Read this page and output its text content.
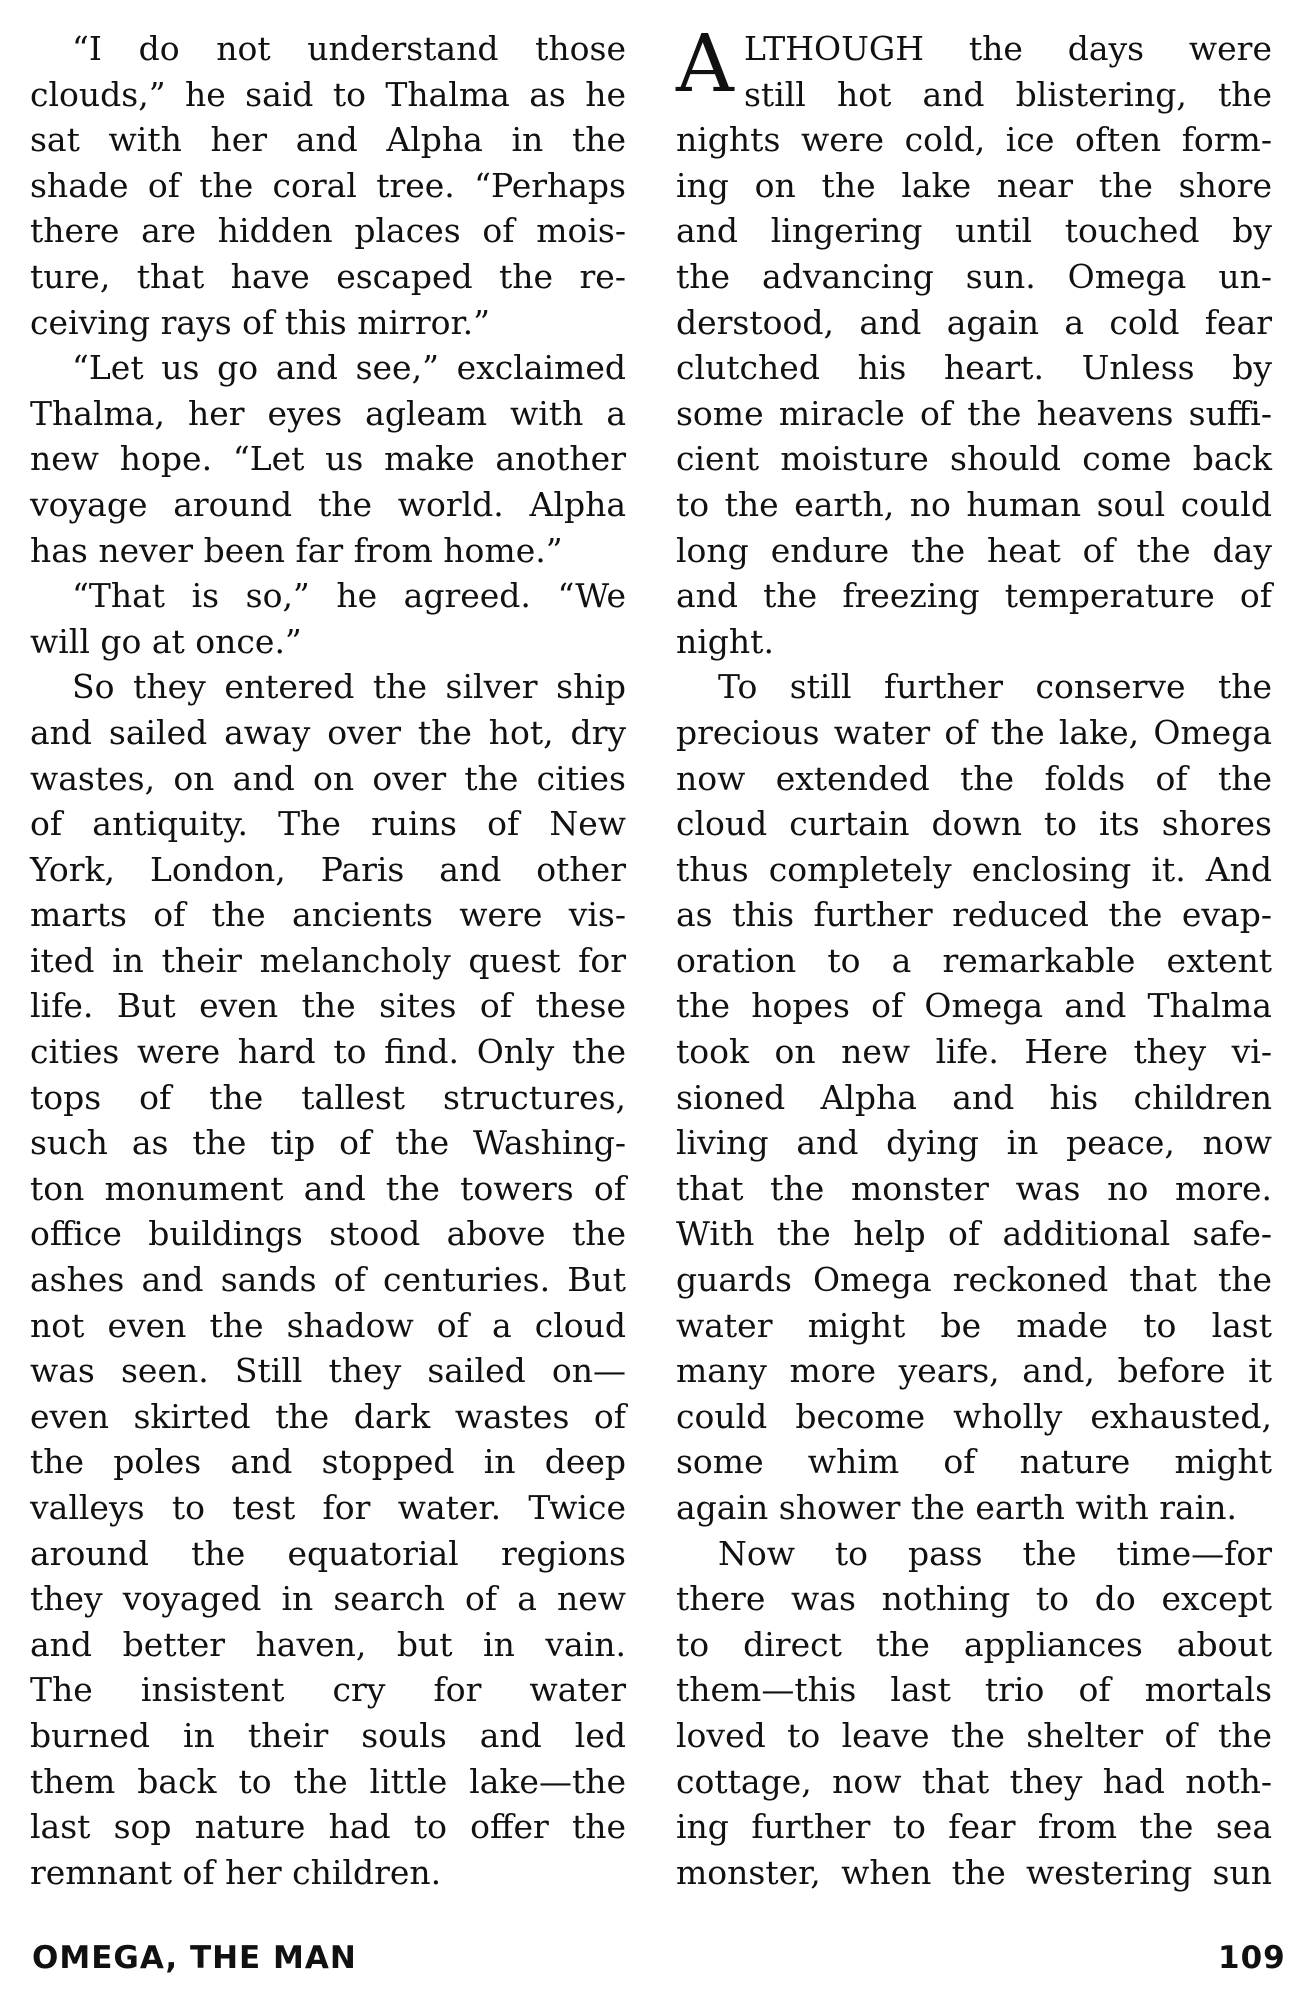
“I do not understand those
clouds,” he said to Thalma as he
sat with her and Alpha in the
shade of the coral tree. “Perhaps
there are hidden places of mois-
ture, that have escaped the re-
ceiving rays of this mirror.”
“Let us go and see,” exclaimed
Thalma, her eyes agleam with a
new hope. “Let us make another
voyage around the world. Alpha
has never been far from home.”
“That is so,” he agreed. “We
will go at once.”
So they entered the silver ship
and sailed away over the hot, dry
wastes, on and on over the cities
of antiquity. The ruins of New
York, London, Paris and other
marts of the ancients were vis-
ited in their melancholy quest for
life. But even the sites of these
cities were hard to find. Only the
tops of the tallest structures,
such as the tip of the Washing-
ton monument and the towers of
office buildings stood above the
ashes and sands of centuries. But
not even the shadow of a cloud
was seen. Still they sailed on—
even skirted the dark wastes of
the poles and stopped in deep
valleys to test for water. Twice
around the equatorial regions
they voyaged in search of a new
and better haven, but in vain.
The insistent cry for water
burned in their souls and led
them back to the little lake—the
last sop nature had to offer the
remnant of her children.
A LTHOUGH the days were
still hot and blistering, the
nights were cold, ice often form-
ing on the lake near the shore
and lingering until touched by
the advancing sun. Omega un-
derstood, and again a cold fear
clutched his heart. Unless by
some miracle of the heavens suffi-
cient moisture should come back
to the earth, no human soul could
long endure the heat of the day
and the freezing temperature of
night.
To still further conserve the
precious water of the lake, Omega
now extended the folds of the
cloud curtain down to its shores
thus completely enclosing it. And
as this further reduced the evap-
oration to a remarkable extent
the hopes of Omega and Thalma
took on new life. Here they vi-
sioned Alpha and his children
living and dying in peace, now
that the monster was no more.
With the help of additional safe-
guards Omega reckoned that the
water might be made to last
many more years, and, before it
could become wholly exhausted,
some whim of nature might
again shower the earth with rain.
Now to pass the time—for
there was nothing to do except
to direct the appliances about
them—this last trio of mortals
loved to leave the shelter of the
cottage, now that they had noth-
ing further to fear from the sea
monster, when the westering sun
OMEGA, THE MAN	109
